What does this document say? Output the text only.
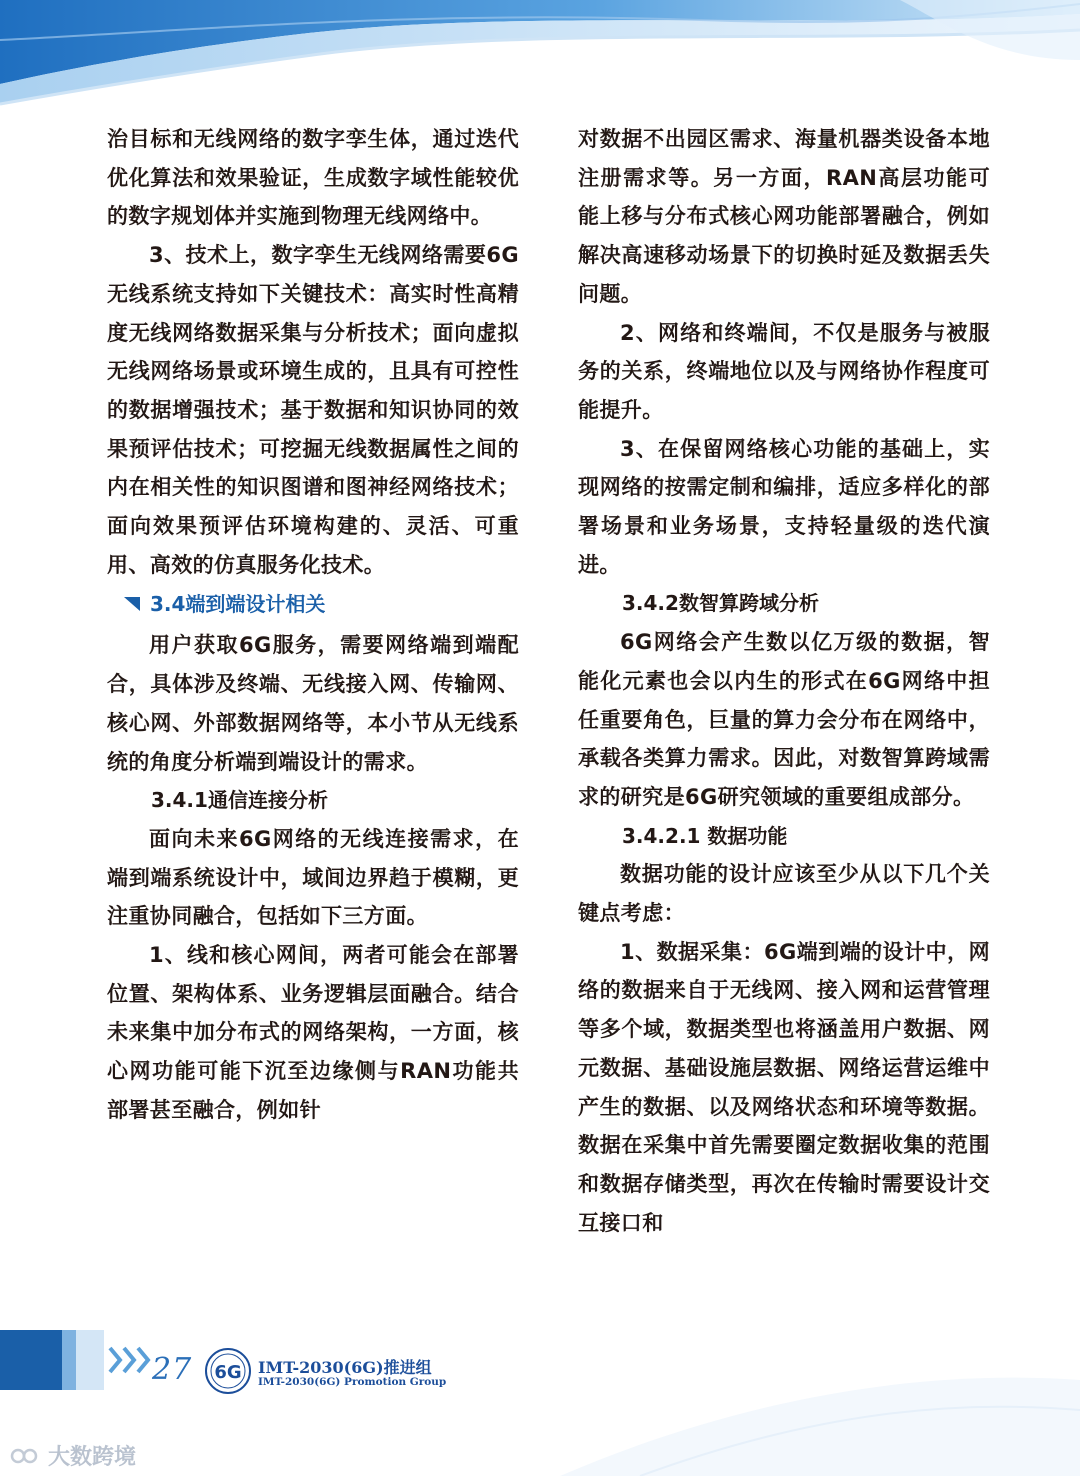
治目标和无线网络的数字孪生体，通过迭代优化算法和效果验证，生成数字域性能较优的数字规划体并实施到物理无线网络中。

3、技术上，数字孪生无线网络需要6G无线系统支持如下关键技术：高实时性高精度无线网络数据采集与分析技术；面向虚拟无线网络场景或环境生成的，且具有可控性的数据增强技术；基于数据和知识协同的效果预评估技术；可挖掘无线数据属性之间的内在相关性的知识图谱和图神经网络技术；面向效果预评估环境构建的、灵活、可重用、高效的仿真服务化技术。

3.4端到端设计相关

用户获取6G服务，需要网络端到端配合，具体涉及终端、无线接入网、传输网、核心网、外部数据网络等，本小节从无线系统的角度分析端到端设计的需求。

3.4.1通信连接分析

面向未来6G网络的无线连接需求，在端到端系统设计中，域间边界趋于模糊，更注重协同融合，包括如下三方面。

1、线和核心网间，两者可能会在部署位置、架构体系、业务逻辑层面融合。结合未来集中加分布式的网络架构，一方面，核心网功能可能下沉至边缘侧与RAN功能共部署甚至融合，例如针

对数据不出园区需求、海量机器类设备本地注册需求等。另一方面，RAN高层功能可能上移与分布式核心网功能部署融合，例如解决高速移动场景下的切换时延及数据丢失问题。

2、网络和终端间，不仅是服务与被服务的关系，终端地位以及与网络协作程度可能提升。

3、在保留网络核心功能的基础上，实现网络的按需定制和编排，适应多样化的部署场景和业务场景，支持轻量级的迭代演进。

3.4.2数智算跨域分析

6G网络会产生数以亿万级的数据，智能化元素也会以内生的形式在6G网络中担任重要角色，巨量的算力会分布在网络中，承载各类算力需求。因此，对数智算跨域需求的研究是6G研究领域的重要组成部分。

3.4.2.1 数据功能

数据功能的设计应该至少从以下几个关键点考虑：

1、数据采集：6G端到端的设计中，网络的数据来自于无线网、接入网和运营管理等多个域，数据类型也将涵盖用户数据、网元数据、基础设施层数据、网络运营运维中产生的数据、以及网络状态和环境等数据。数据在采集中首先需要圈定数据收集的范围和数据存储类型，再次在传输时需要设计交互接口和

27 6G IMT-2030(6G)推进组
IMT-2030(6G) Promotion Group
大数跨境
